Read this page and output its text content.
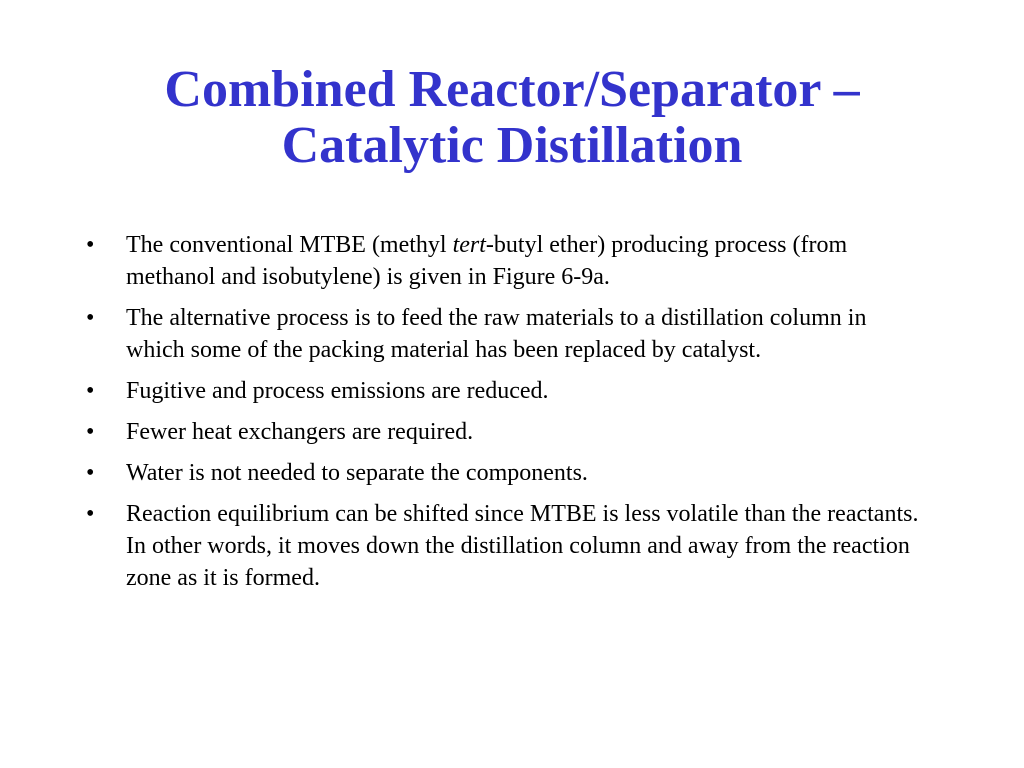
Combined Reactor/Separator –
Catalytic Distillation
•	The conventional MTBE (methyl tert-butyl ether) producing process (from methanol and isobutylene) is given in Figure 6-9a.
•	The alternative process is to feed the raw materials to a distillation column in which some of the packing material has been replaced by catalyst.
•	Fugitive and process emissions are reduced.
•	Fewer heat exchangers are required.
•	Water is not needed to separate the components.
•	Reaction equilibrium can be shifted since MTBE is less volatile than the reactants. In other words, it moves down the distillation column and away from the reaction zone as it is formed.
